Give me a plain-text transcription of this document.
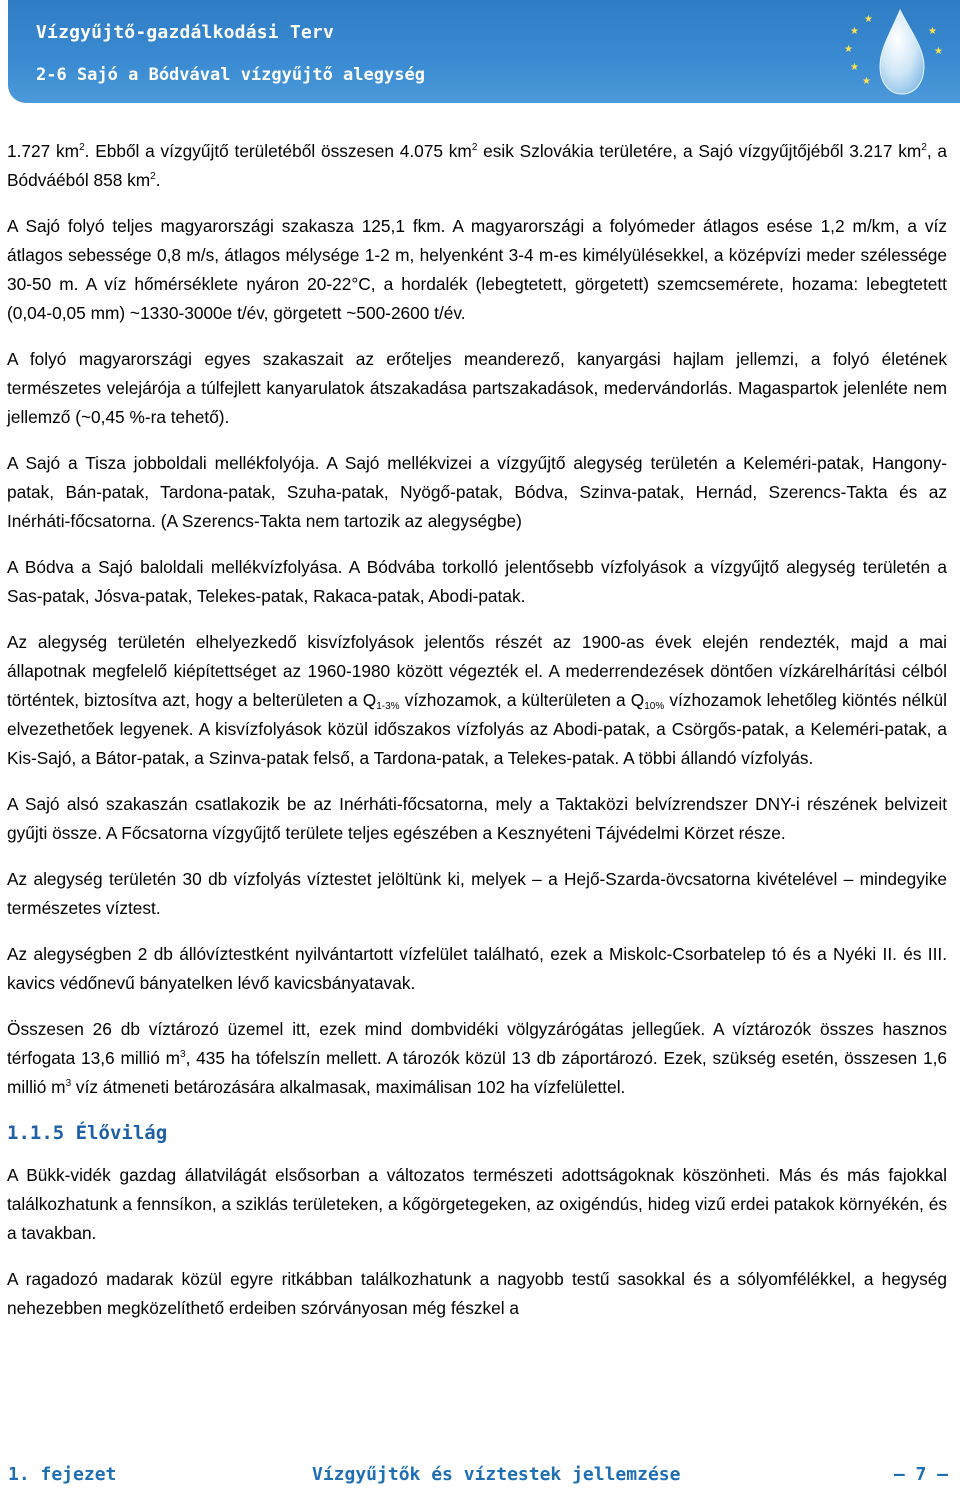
Vízgyűjtő-gazdálkodási Terv
2-6 Sajó a Bódvával vízgyűjtő alegység
★
★
★
★
★
★
★

1.727 $km^2$. Ebből a vízgyűjtő területéből összesen 4.075 $km^2$ esik Szlovákia területére, a Sajó vízgyűjtőjéből 3.217 $km^2$, a Bódváéból 858 $km^2$.

A Sajó folyó teljes magyarországi szakasza 125,1 fkm. A magyarországi a folyómeder átlagos esése 1,2 m/km, a víz átlagos sebessége 0,8 m/s, átlagos mélysége 1-2 m, helyenként 3-4 m-es kimélyülésekkel, a középvízi meder szélessége 30-50 m. A víz hőmérséklete nyáron 20-22°C, a hordalék (lebegtetett, görgetett) szemcsemérete, hozama: lebegtetett (0,04-0,05 mm) ~1330-3000e t/év, görgetett ~500-2600 t/év.

A folyó magyarországi egyes szakaszait az erőteljes meanderező, kanyargási hajlam jellemzi, a folyó életének természetes velejárója a túlfejlett kanyarulatok átszakadása partszakadások, medervándorlás. Magaspartok jelenléte nem jellemző (~0,45 %-ra tehető).

A Sajó a Tisza jobboldali mellékfolyója. A Sajó mellékvizei a vízgyűjtő alegység területén a Keleméri-patak, Hangony-patak, Bán-patak, Tardona-patak, Szuha-patak, Nyögő-patak, Bódva, Szinva-patak, Hernád, Szerencs-Takta és az Inérháti-főcsatorna. (A Szerencs-Takta nem tartozik az alegységbe)

A Bódva a Sajó baloldali mellékvízfolyása. A Bódvába torkolló jelentősebb vízfolyások a vízgyűjtő alegység területén a Sas-patak, Jósva-patak, Telekes-patak, Rakaca-patak, Abodi-patak.

Az alegység területén elhelyezkedő kisvízfolyások jelentős részét az 1900-as évek elején rendezték, majd a mai állapotnak megfelelő kiépítettséget az 1960-1980 között végezték el. A mederrendezések döntően vízkárelhárítási célból történtek, biztosítva azt, hogy a belterületen a $Q_{1-3\%}$ vízhozamok, a külterületen a $Q_{10\%}$ vízhozamok lehetőleg kiöntés nélkül elvezethetőek legyenek. A kisvízfolyások közül időszakos vízfolyás az Abodi-patak, a Csörgős-patak, a Keleméri-patak, a Kis-Sajó, a Bátor-patak, a Szinva-patak felső, a Tardona-patak, a Telekes-patak. A többi állandó vízfolyás.

A Sajó alsó szakaszán csatlakozik be az Inérháti-főcsatorna, mely a Taktaközi belvízrendszer DNY-i részének belvizeit gyűjti össze. A Főcsatorna vízgyűjtő területe teljes egészében a Kesznyéteni Tájvédelmi Körzet része.

Az alegység területén 30 db vízfolyás víztestet jelöltünk ki, melyek – a Hejő-Szarda-övcsatorna kivételével – mindegyike természetes víztest.

Az alegységben 2 db állóvíztestként nyilvántartott vízfelület található, ezek a Miskolc-Csorbatelep tó és a Nyéki II. és III. kavics védőnevű bányatelken lévő kavicsbányatavak.

Összesen 26 db víztározó üzemel itt, ezek mind dombvidéki völgyzárógátas jellegűek. A víztározók összes hasznos térfogata 13,6 millió $m^3$, 435 ha tófelszín mellett. A tározók közül 13 db záportározó. Ezek, szükség esetén, összesen 1,6 millió $m^3$ víz átmeneti betározására alkalmasak, maximálisan 102 ha vízfelülettel.

1.1.5 Élővilág

A Bükk-vidék gazdag állatvilágát elsősorban a változatos természeti adottságoknak köszönheti. Más és más fajokkal találkozhatunk a fennsíkon, a sziklás területeken, a kőgörgetegeken, az oxigéndús, hideg vizű erdei patakok környékén, és a tavakban.

A ragadozó madarak közül egyre ritkábban találkozhatunk a nagyobb testű sasokkal és a sólyomfélékkel, a hegység nehezebben megközelíthető erdeiben szórványosan még fészkel a

1. fejezet	Vízgyűjtők és víztestek jellemzése	– 7 –
